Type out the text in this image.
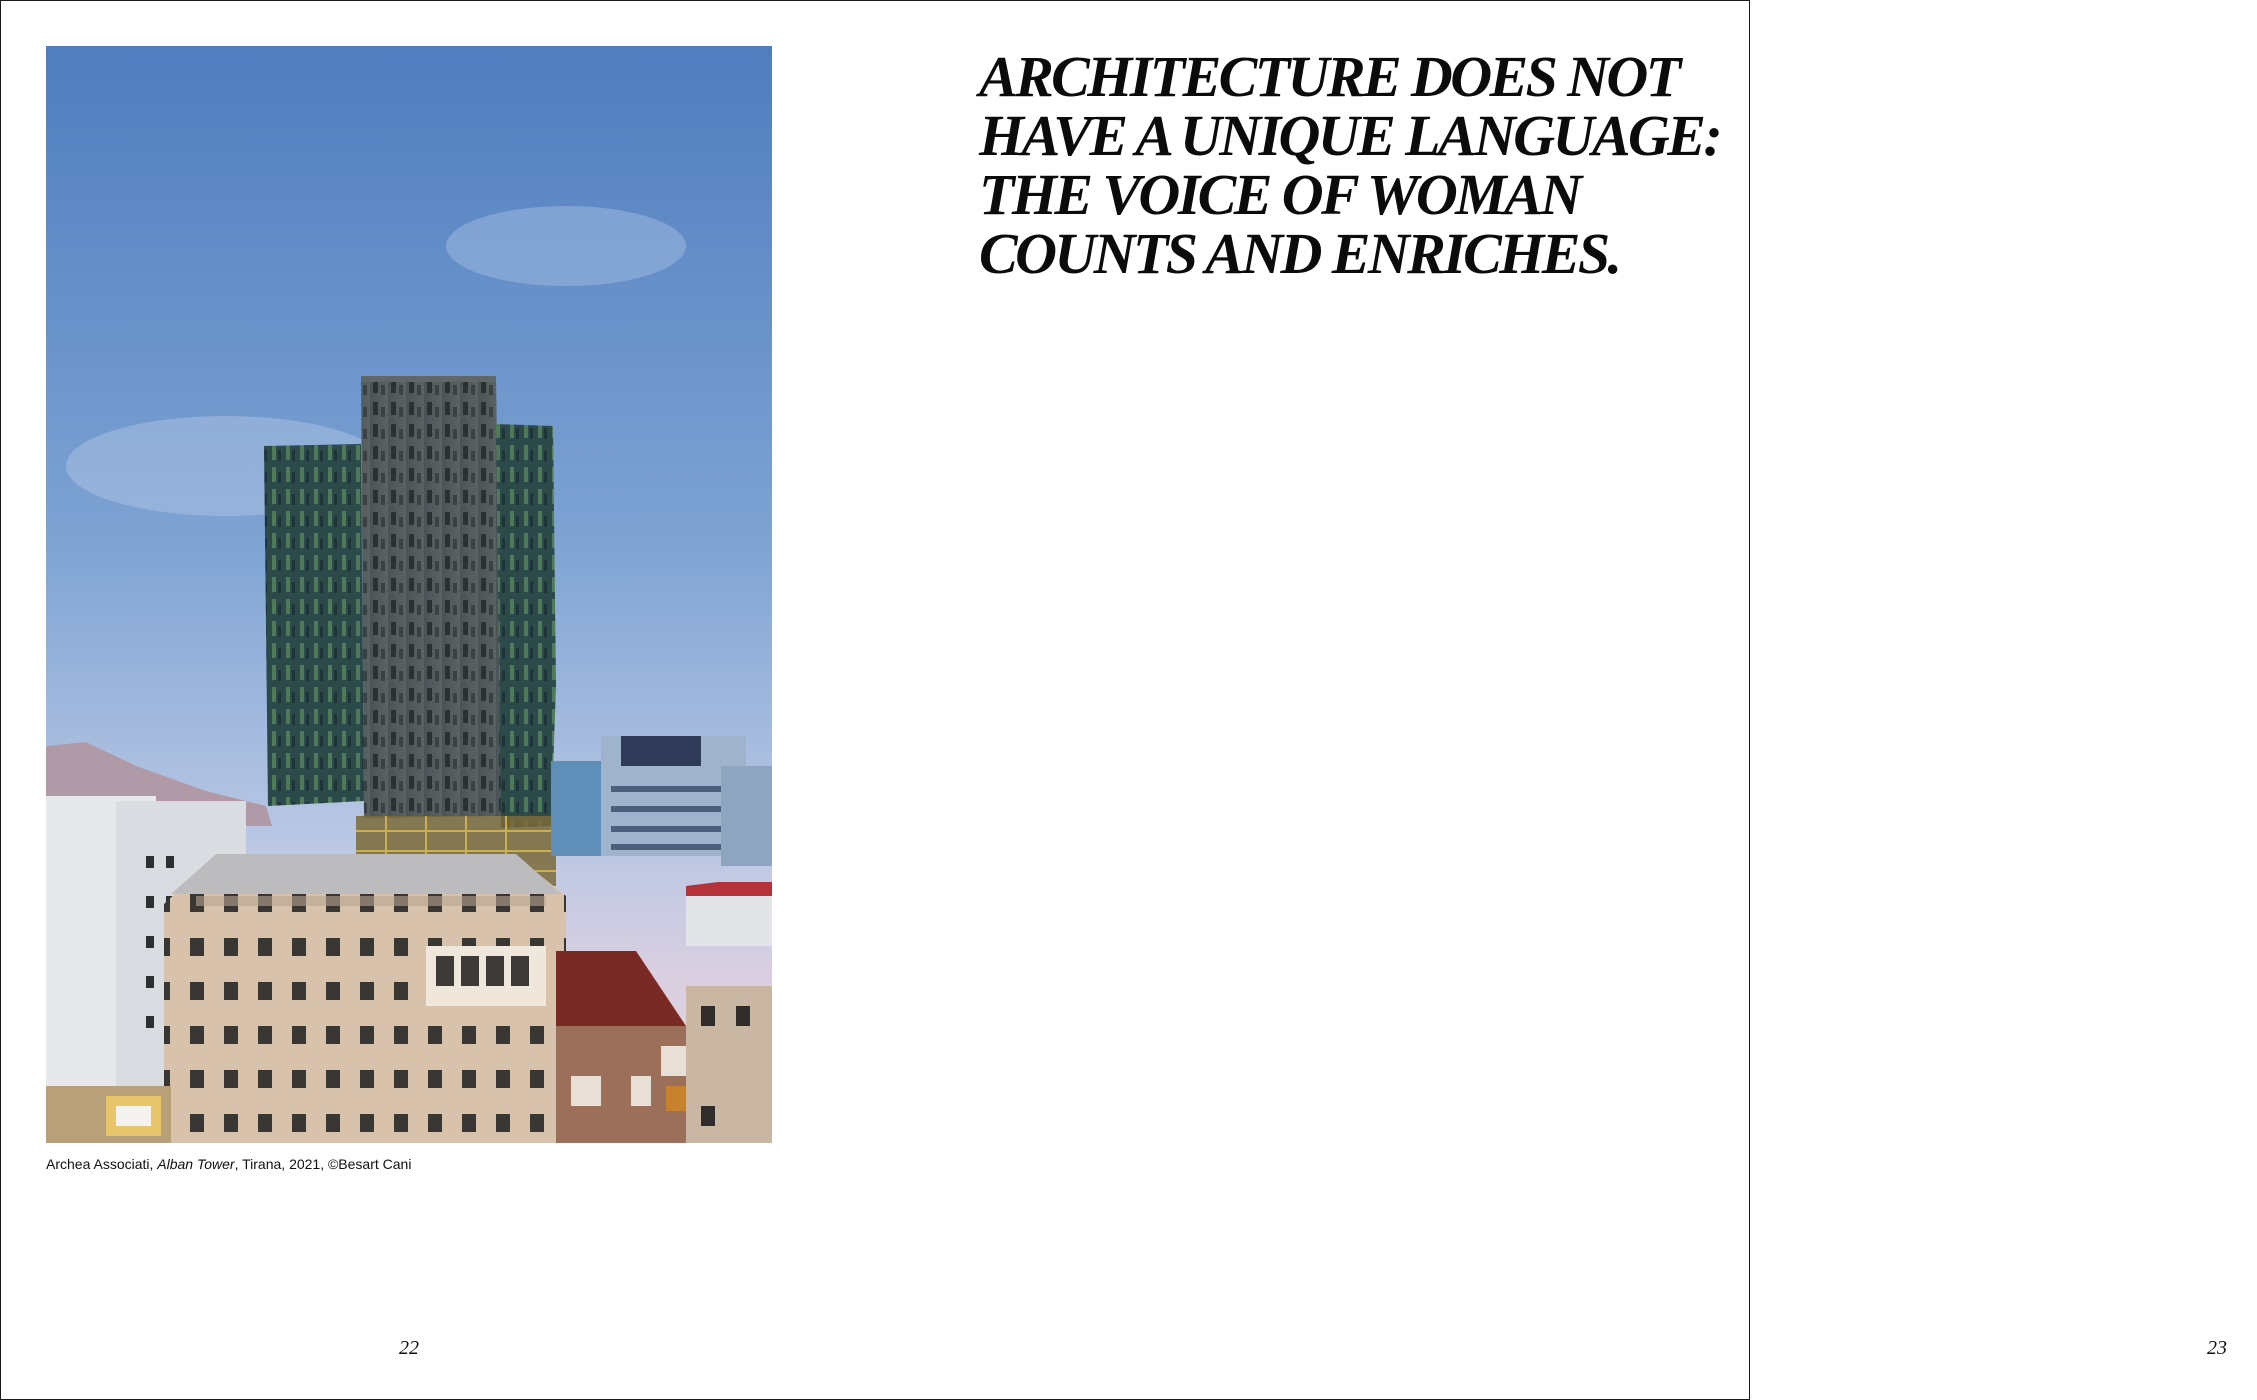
Archea Associati, Alban Tower, Tirana, 2021, ©Besart Cani
22
ARCHITECTURE DOES NOT
HAVE A UNIQUE LANGUAGE:
THE VOICE OF WOMAN
COUNTS AND ENRICHES.
23
